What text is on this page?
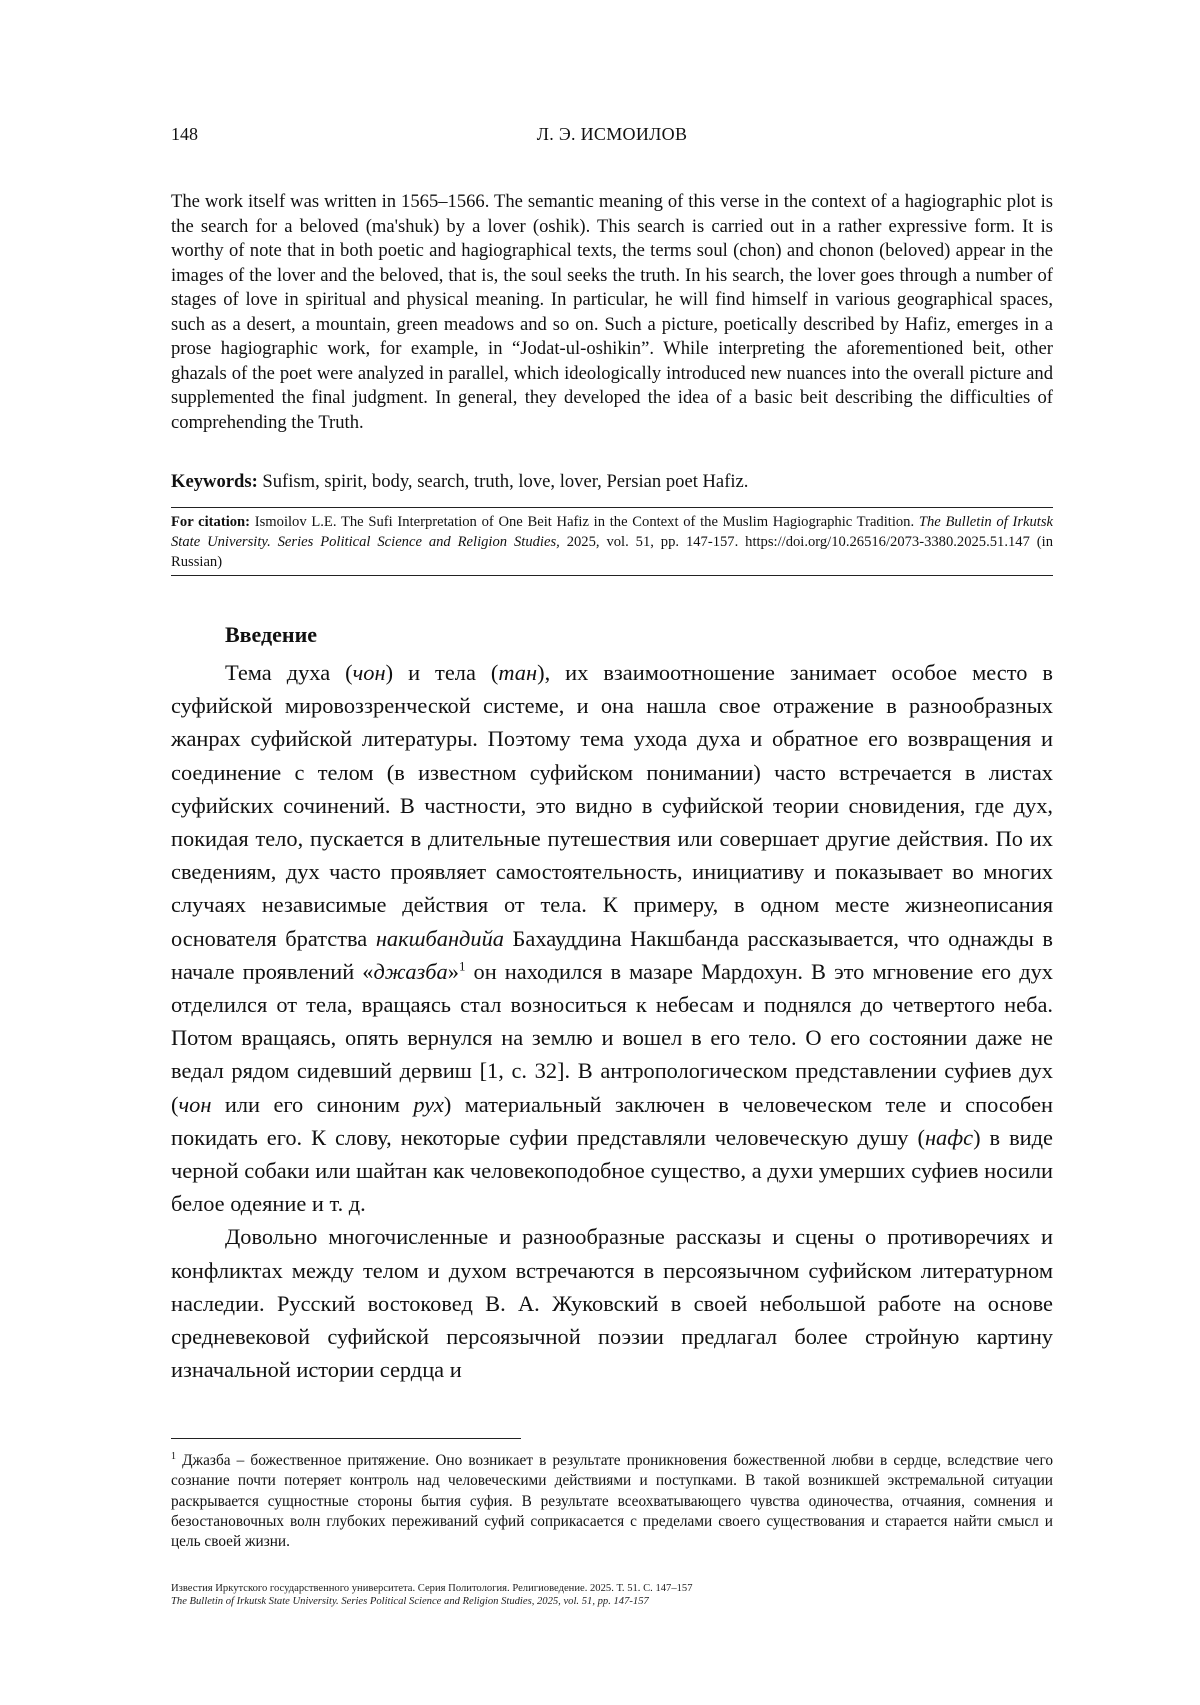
148	Л. Э. ИСМОИЛОВ

The work itself was written in 1565–1566. The semantic meaning of this verse in the context of a hagiographic plot is the search for a beloved (ma'shuk) by a lover (oshik). This search is carried out in a rather expressive form. It is worthy of note that in both poetic and hagiographical texts, the terms soul (chon) and chonon (beloved) appear in the images of the lover and the beloved, that is, the soul seeks the truth. In his search, the lover goes through a number of stages of love in spiritual and physical meaning. In particular, he will find himself in various geographical spaces, such as a desert, a mountain, green meadows and so on. Such a picture, poetically described by Hafiz, emerges in a prose hagiographic work, for example, in “Jodat-ul-oshikin”. While interpreting the aforementioned beit, other ghazals of the poet were analyzed in parallel, which ideologically introduced new nuances into the overall picture and supplemented the final judgment. In general, they developed the idea of a basic beit describing the difficulties of comprehending the Truth.

Keywords: Sufism, spirit, body, search, truth, love, lover, Persian poet Hafiz.
For citation: Ismoilov L.E. The Sufi Interpretation of One Beit Hafiz in the Context of the Muslim Hagiographic Tradition. The Bulletin of Irkutsk State University. Series Political Science and Religion Studies, 2025, vol. 51, pp. 147-157. https://doi.org/10.26516/2073-3380.2025.51.147 (in Russian)
Введение

Тема духа (чон) и тела (тан), их взаимоотношение занимает особое место в суфийской мировоззренческой системе, и она нашла свое отражение в разнообразных жанрах суфийской литературы. Поэтому тема ухода духа и обратное его возвращения и соединение с телом (в известном суфийском понимании) часто встречается в листах суфийских сочинений. В частности, это видно в суфийской теории сновидения, где дух, покидая тело, пускается в длительные путешествия или совершает другие действия. По их сведениям, дух часто проявляет самостоятельность, инициативу и показывает во многих случаях независимые действия от тела. К примеру, в одном месте жизнеописания основателя братства накшбандийа Бахауддина Накшбанда рассказывается, что однажды в начале проявлений «джазба»$^1$ он находился в мазаре Мардохун. В это мгновение его дух отделился от тела, вращаясь стал возноситься к небесам и поднялся до четвертого неба. Потом вращаясь, опять вернулся на землю и вошел в его тело. О его состоянии даже не ведал рядом сидевший дервиш [1, с. 32]. В антропологическом представлении суфиев дух (чон или его синоним рух) материальный заключен в человеческом теле и способен покидать его. К слову, некоторые суфии представляли человеческую душу (нафс) в виде черной собаки или шайтан как человекоподобное существо, а духи умерших суфиев носили белое одеяние и т. д.

Довольно многочисленные и разнообразные рассказы и сцены о противоречиях и конфликтах между телом и духом встречаются в персоязычном суфийском литературном наследии. Русский востоковед В. А. Жуковский в своей небольшой работе на основе средневековой суфийской персоязычной поэзии предлагал более стройную картину изначальной истории сердца и

$^1$ Джазба – божественное притяжение. Оно возникает в результате проникновения божественной любви в сердце, вследствие чего сознание почти потеряет контроль над человеческими действиями и поступками. В такой возникшей экстремальной ситуации раскрывается сущностные стороны бытия суфия. В результате всеохватывающего чувства одиночества, отчаяния, сомнения и безостановочных волн глубоких переживаний суфий соприкасается с пределами своего существования и старается найти смысл и цель своей жизни.
Известия Иркутского государственного университета. Серия Политология. Религиоведение. 2025. Т. 51. С. 147–157
The Bulletin of Irkutsk State University. Series Political Science and Religion Studies, 2025, vol. 51, pp. 147-157
